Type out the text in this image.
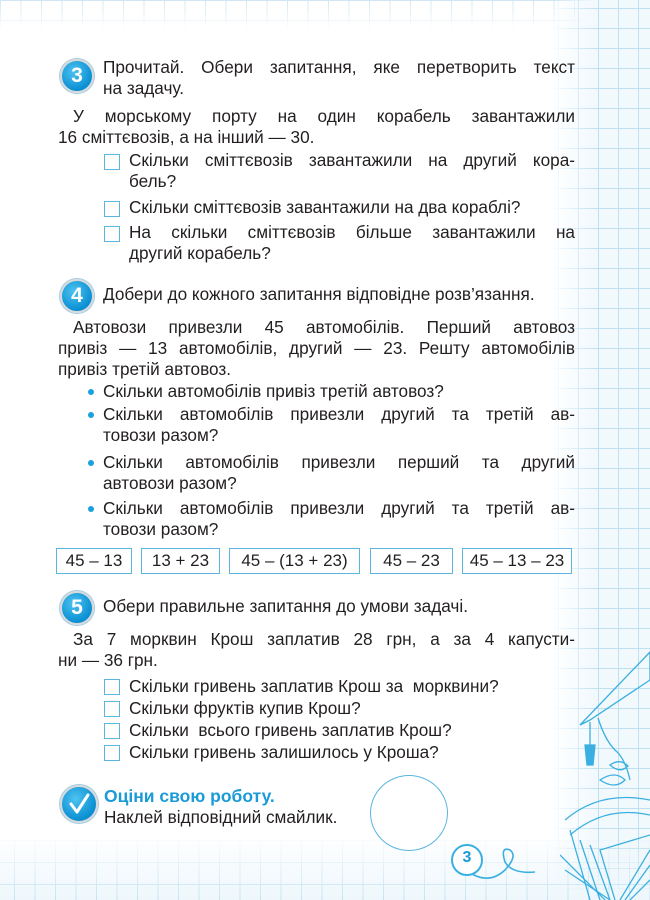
3 Прочитай. Обери запитання, яке перетворить текст
на задачу.
У морському порту на один корабель завантажили
16 сміттєвозів, а на інший — 30.
Скільки сміттєвозів завантажили на другий кора-
бель?
Скільки сміттєвозів завантажили на два кораблі?
На скільки сміттєвозів більше завантажили на
другий корабель?
4 Добери до кожного запитання відповідне розв’язання.
Автовози привезли 45 автомобілів. Перший автовоз
привіз — 13 автомобілів, другий — 23. Решту автомобілів
привіз третій автовоз.
Скільки автомобілів привіз третій автовоз?
Скільки автомобілів привезли другий та третій ав-
товози разом?
Скільки автомобілів привезли перший та другий
автовози разом?
Скільки автомобілів привезли другий та третій ав-
товози разом?
45 – 13	13 + 23	45 – (13 + 23)	45 – 23	45 – 13 – 23
5 Обери правильне запитання до умови задачі.
За 7 морквин Крош заплатив 28 грн, а за 4 капусти-
ни — 36 грн.
Скільки гривень заплатив Крош за  морквини?
Скільки фруктів купив Крош?
Скільки  всього гривень заплатив Крош?
Скільки гривень залишилось у Кроша?
Оціни свою роботу.
Наклей відповідний смайлик.
3
